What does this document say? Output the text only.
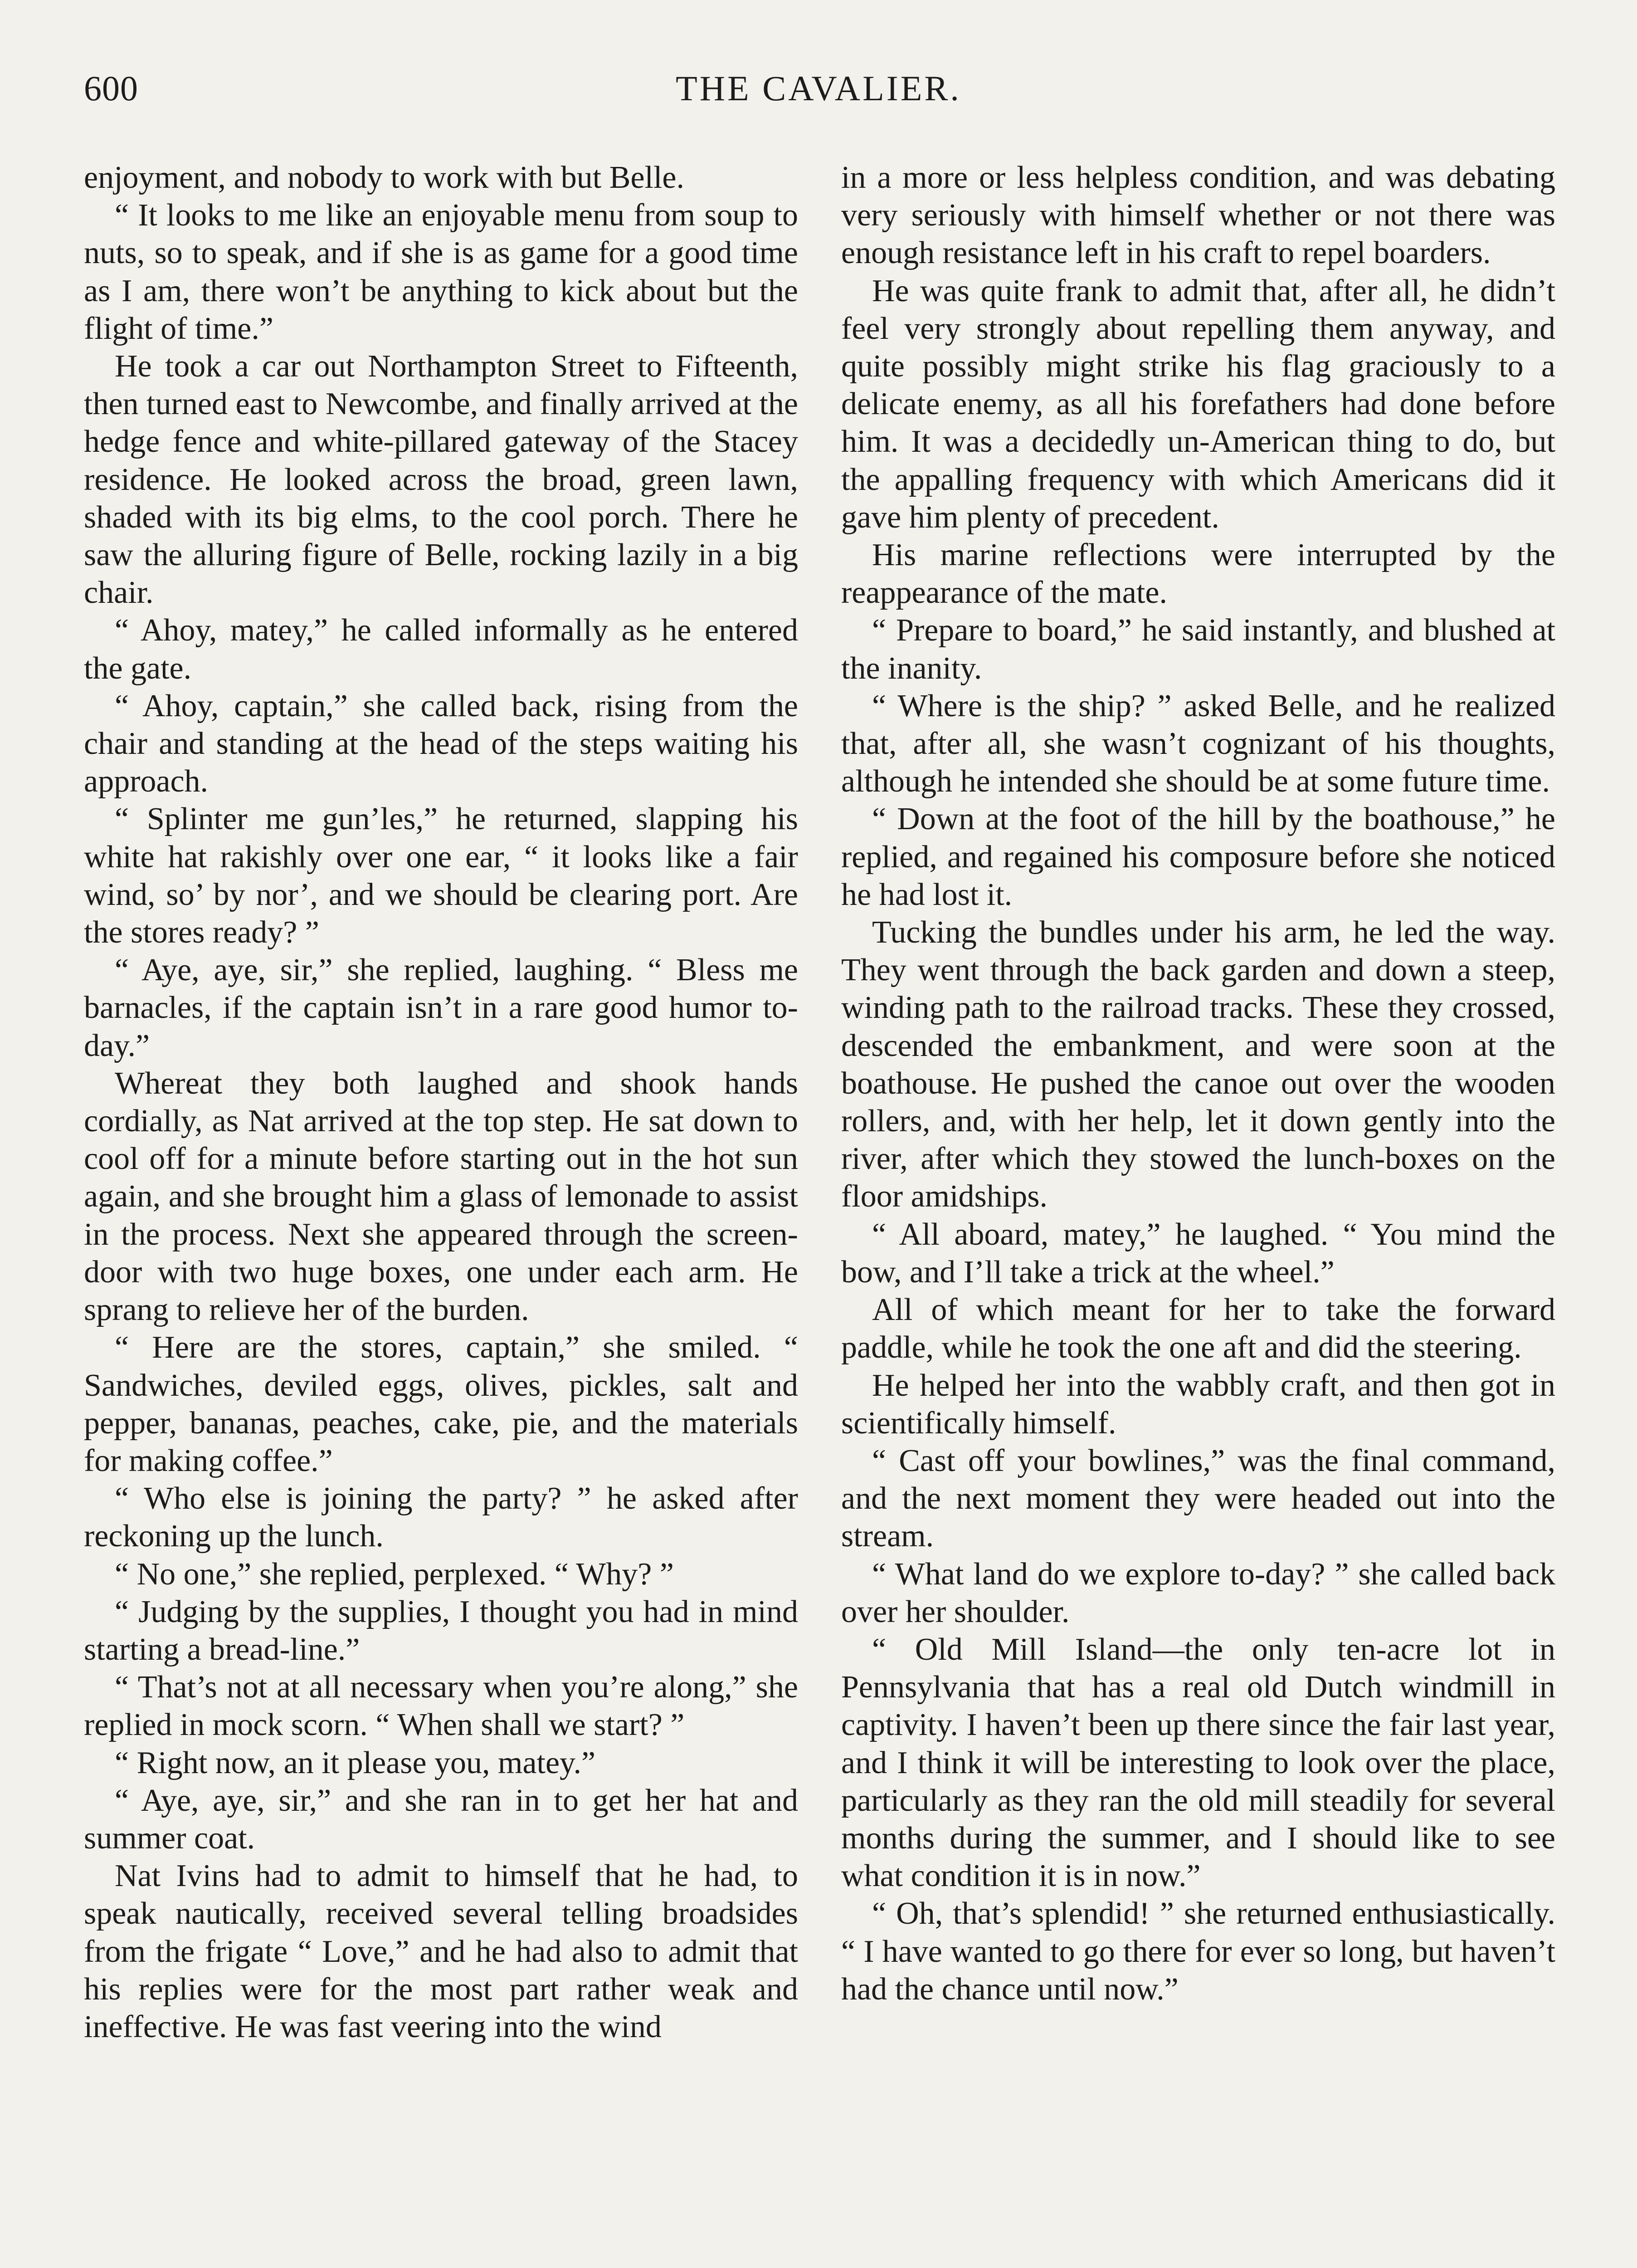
600	THE CAVALIER.

enjoyment, and nobody to work with but Belle.

“ It looks to me like an enjoyable menu from soup to nuts, so to speak, and if she is as game for a good time as I am, there won’t be anything to kick about but the flight of time.”

He took a car out Northampton Street to Fifteenth, then turned east to Newcombe, and finally arrived at the hedge fence and white-pillared gateway of the Stacey residence. He looked across the broad, green lawn, shaded with its big elms, to the cool porch. There he saw the alluring figure of Belle, rocking lazily in a big chair.

“ Ahoy, matey,” he called informally as he entered the gate.

“ Ahoy, captain,” she called back, rising from the chair and standing at the head of the steps waiting his approach.

“ Splinter me gun’les,” he returned, slapping his white hat rakishly over one ear, “ it looks like a fair wind, so’ by nor’, and we should be clearing port. Are the stores ready? ”

“ Aye, aye, sir,” she replied, laughing. “ Bless me barnacles, if the captain isn’t in a rare good humor to-day.”

Whereat they both laughed and shook hands cordially, as Nat arrived at the top step. He sat down to cool off for a minute before starting out in the hot sun again, and she brought him a glass of lemonade to assist in the process. Next she appeared through the screen-door with two huge boxes, one under each arm. He sprang to relieve her of the burden.

“ Here are the stores, captain,” she smiled. “ Sandwiches, deviled eggs, olives, pickles, salt and pepper, bananas, peaches, cake, pie, and the materials for making coffee.”

“ Who else is joining the party? ” he asked after reckoning up the lunch.

“ No one,” she replied, perplexed. “ Why? ”

“ Judging by the supplies, I thought you had in mind starting a bread-line.”

“ That’s not at all necessary when you’re along,” she replied in mock scorn. “ When shall we start? ”

“ Right now, an it please you, matey.”

“ Aye, aye, sir,” and she ran in to get her hat and summer coat.

Nat Ivins had to admit to himself that he had, to speak nautically, received several telling broadsides from the frigate “ Love,” and he had also to admit that his replies were for the most part rather weak and ineffective. He was fast veering into the wind

in a more or less helpless condition, and was debating very seriously with himself whether or not there was enough resistance left in his craft to repel boarders.

He was quite frank to admit that, after all, he didn’t feel very strongly about repelling them anyway, and quite possibly might strike his flag graciously to a delicate enemy, as all his forefathers had done before him. It was a decidedly un-American thing to do, but the appalling frequency with which Americans did it gave him plenty of precedent.

His marine reflections were interrupted by the reappearance of the mate.

“ Prepare to board,” he said instantly, and blushed at the inanity.

“ Where is the ship? ” asked Belle, and he realized that, after all, she wasn’t cognizant of his thoughts, although he intended she should be at some future time.

“ Down at the foot of the hill by the boathouse,” he replied, and regained his composure before she noticed he had lost it.

Tucking the bundles under his arm, he led the way. They went through the back garden and down a steep, winding path to the railroad tracks. These they crossed, descended the embankment, and were soon at the boathouse. He pushed the canoe out over the wooden rollers, and, with her help, let it down gently into the river, after which they stowed the lunch-boxes on the floor amidships.

“ All aboard, matey,” he laughed. “ You mind the bow, and I’ll take a trick at the wheel.”

All of which meant for her to take the forward paddle, while he took the one aft and did the steering.

He helped her into the wabbly craft, and then got in scientifically himself.

“ Cast off your bowlines,” was the final command, and the next moment they were headed out into the stream.

“ What land do we explore to-day? ” she called back over her shoulder.

“ Old Mill Island—the only ten-acre lot in Pennsylvania that has a real old Dutch windmill in captivity. I haven’t been up there since the fair last year, and I think it will be interesting to look over the place, particularly as they ran the old mill steadily for several months during the summer, and I should like to see what condition it is in now.”

“ Oh, that’s splendid! ” she returned enthusiastically. “ I have wanted to go there for ever so long, but haven’t had the chance until now.”
